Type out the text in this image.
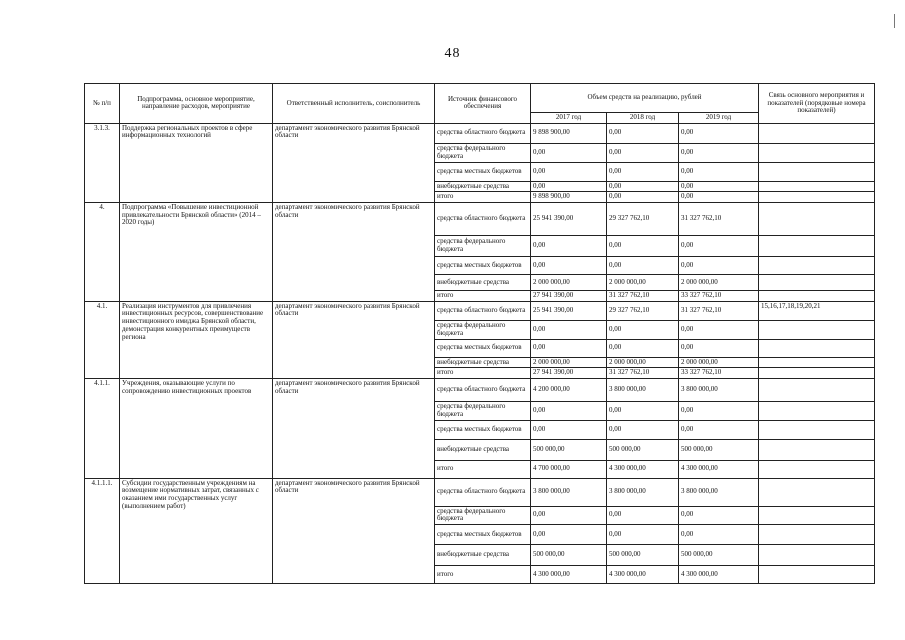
48
№ п/п	Подпрограмма, основное мероприятие, направление расходов, мероприятие	Ответственный исполнитель, соисполнитель	Источник финансового обеспечения	Объем средств на реализацию, рублей			Связь основного мероприятия и показателей (порядковые номера показателей)
				2017 год	2018 год	2019 год	
3.1.3.	Поддержка региональных проектов в сфере информационных технологий	департамент экономического развития Брянской области	средства областного бюджета	9 898 900,00	0,00	0,00	
			средства федерального бюджета	0,00	0,00	0,00	
			средства местных бюджетов	0,00	0,00	0,00	
			внебюджетные средства	0,00	0,00	0,00	
			итого	9 898 900,00	0,00	0,00	
4.	Подпрограмма «Повышение инвестиционной привлекательности Брянской области» (2014 – 2020 годы)	департамент экономического развития Брянской области	средства областного бюджета	25 941 390,00	29 327 762,10	31 327 762,10	
			средства федерального бюджета	0,00	0,00	0,00	
			средства местных бюджетов	0,00	0,00	0,00	
			внебюджетные средства	2 000 000,00	2 000 000,00	2 000 000,00	
			итого	27 941 390,00	31 327 762,10	33 327 762,10	
4.1.	Реализация инструментов для привлечения инвестиционных ресурсов, совершенствование инвестиционного имиджа Брянской области, демонстрация конкурентных преимуществ региона	департамент экономического развития Брянской области	средства областного бюджета	25 941 390,00	29 327 762,10	31 327 762,10	15,16,17,18,19,20,21
			средства федерального бюджета	0,00	0,00	0,00	
			средства местных бюджетов	0,00	0,00	0,00	
			внебюджетные средства	2 000 000,00	2 000 000,00	2 000 000,00	
			итого	27 941 390,00	31 327 762,10	33 327 762,10	
4.1.1.	Учреждения, оказывающие услуги по сопровождению инвестиционных проектов	департамент экономического развития Брянской области	средства областного бюджета	4 200 000,00	3 800 000,00	3 800 000,00	
			средства федерального бюджета	0,00	0,00	0,00	
			средства местных бюджетов	0,00	0,00	0,00	
			внебюджетные средства	500 000,00	500 000,00	500 000,00	
			итого	4 700 000,00	4 300 000,00	4 300 000,00	
4.1.1.1.	Субсидии государственным учреждениям на возмещение нормативных затрат, связанных с оказанием ими государственных услуг (выполнением работ)	департамент экономического развития Брянской области	средства областного бюджета	3 800 000,00	3 800 000,00	3 800 000,00	
			средства федерального бюджета	0,00	0,00	0,00	
			средства местных бюджетов	0,00	0,00	0,00	
			внебюджетные средства	500 000,00	500 000,00	500 000,00	
			итого	4 300 000,00	4 300 000,00	4 300 000,00	
